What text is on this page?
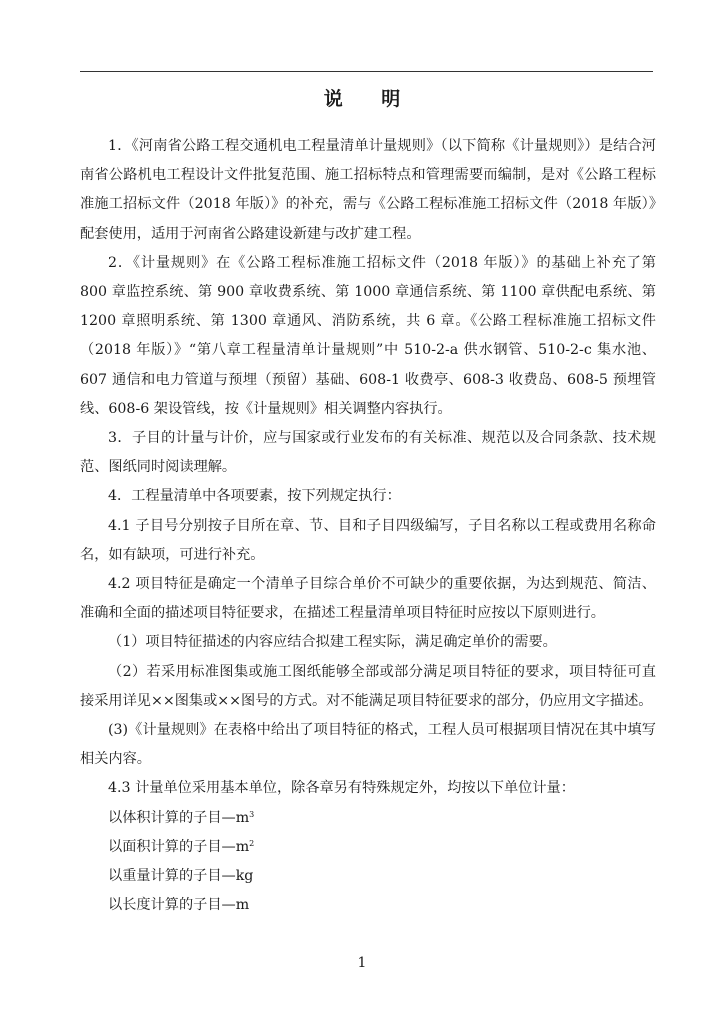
说 明

1．《河南省公路工程交通机电工程量清单计量规则》（以下简称《计量规则》）是结合河南省公路机电工程设计文件批复范围、施工招标特点和管理需要而编制，是对《公路工程标准施工招标文件（2018 年版）》的补充，需与《公路工程标准施工招标文件（2018 年版）》配套使用，适用于河南省公路建设新建与改扩建工程。

2．《计量规则》在《公路工程标准施工招标文件（2018 年版）》的基础上补充了第 800 章监控系统、第 900 章收费系统、第 1000 章通信系统、第 1100 章供配电系统、第 1200 章照明系统、第 1300 章通风、消防系统，共 6 章。《公路工程标准施工招标文件（2018 年版）》“第八章工程量清单计量规则”中 510-2-a 供水钢管、510-2-c 集水池、607 通信和电力管道与预埋（预留）基础、608-1 收费亭、608-3 收费岛、608-5 预埋管线、608-6 架设管线，按《计量规则》相关调整内容执行。

3．子目的计量与计价，应与国家或行业发布的有关标准、规范以及合同条款、技术规范、图纸同时阅读理解。

4．工程量清单中各项要素，按下列规定执行：

4.1 子目号分别按子目所在章、节、目和子目四级编写，子目名称以工程或费用名称命名，如有缺项，可进行补充。

4.2 项目特征是确定一个清单子目综合单价不可缺少的重要依据，为达到规范、简洁、准确和全面的描述项目特征要求，在描述工程量清单项目特征时应按以下原则进行。

（1）项目特征描述的内容应结合拟建工程实际，满足确定单价的需要。

（2）若采用标准图集或施工图纸能够全部或部分满足项目特征的要求，项目特征可直接采用详见××图集或××图号的方式。对不能满足项目特征要求的部分，仍应用文字描述。

(3)《计量规则》在表格中给出了项目特征的格式，工程人员可根据项目情况在其中填写相关内容。

4.3 计量单位采用基本单位，除各章另有特殊规定外，均按以下单位计量：

以体积计算的子目$—m^3$

以面积计算的子目$—m^2$

以重量计算的子目—kg

以长度计算的子目—m

1
